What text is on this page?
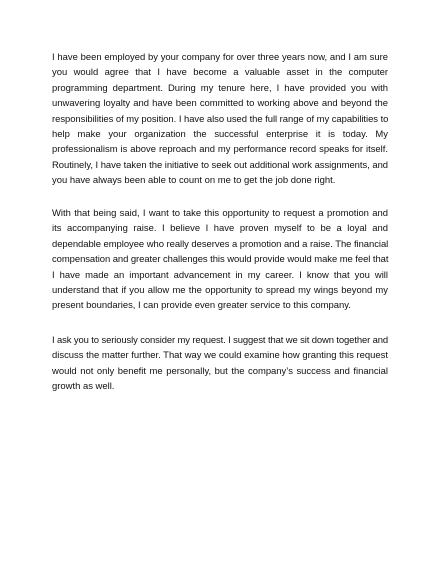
I have been employed by your company for over three years now, and I am sure
you would agree that I have become a valuable asset in the computer
programming department. During my tenure here, I have provided you with
unwavering loyalty and have been committed to working above and beyond the
responsibilities of my position. I have also used the full range of my capabilities to
help make your organization the successful enterprise it is today. My
professionalism is above reproach and my performance record speaks for itself.
Routinely, I have taken the initiative to seek out additional work assignments, and
you have always been able to count on me to get the job done right.

With that being said, I want to take this opportunity to request a promotion and
its accompanying raise. I believe I have proven myself to be a loyal and
dependable employee who really deserves a promotion and a raise. The financial
compensation and greater challenges this would provide would make me feel that
I have made an important advancement in my career. I know that you will
understand that if you allow me the opportunity to spread my wings beyond my
present boundaries, I can provide even greater service to this company.

I ask you to seriously consider my request. I suggest that we sit down together and
discuss the matter further. That way we could examine how granting this request
would not only benefit me personally, but the company’s success and financial
growth as well.
